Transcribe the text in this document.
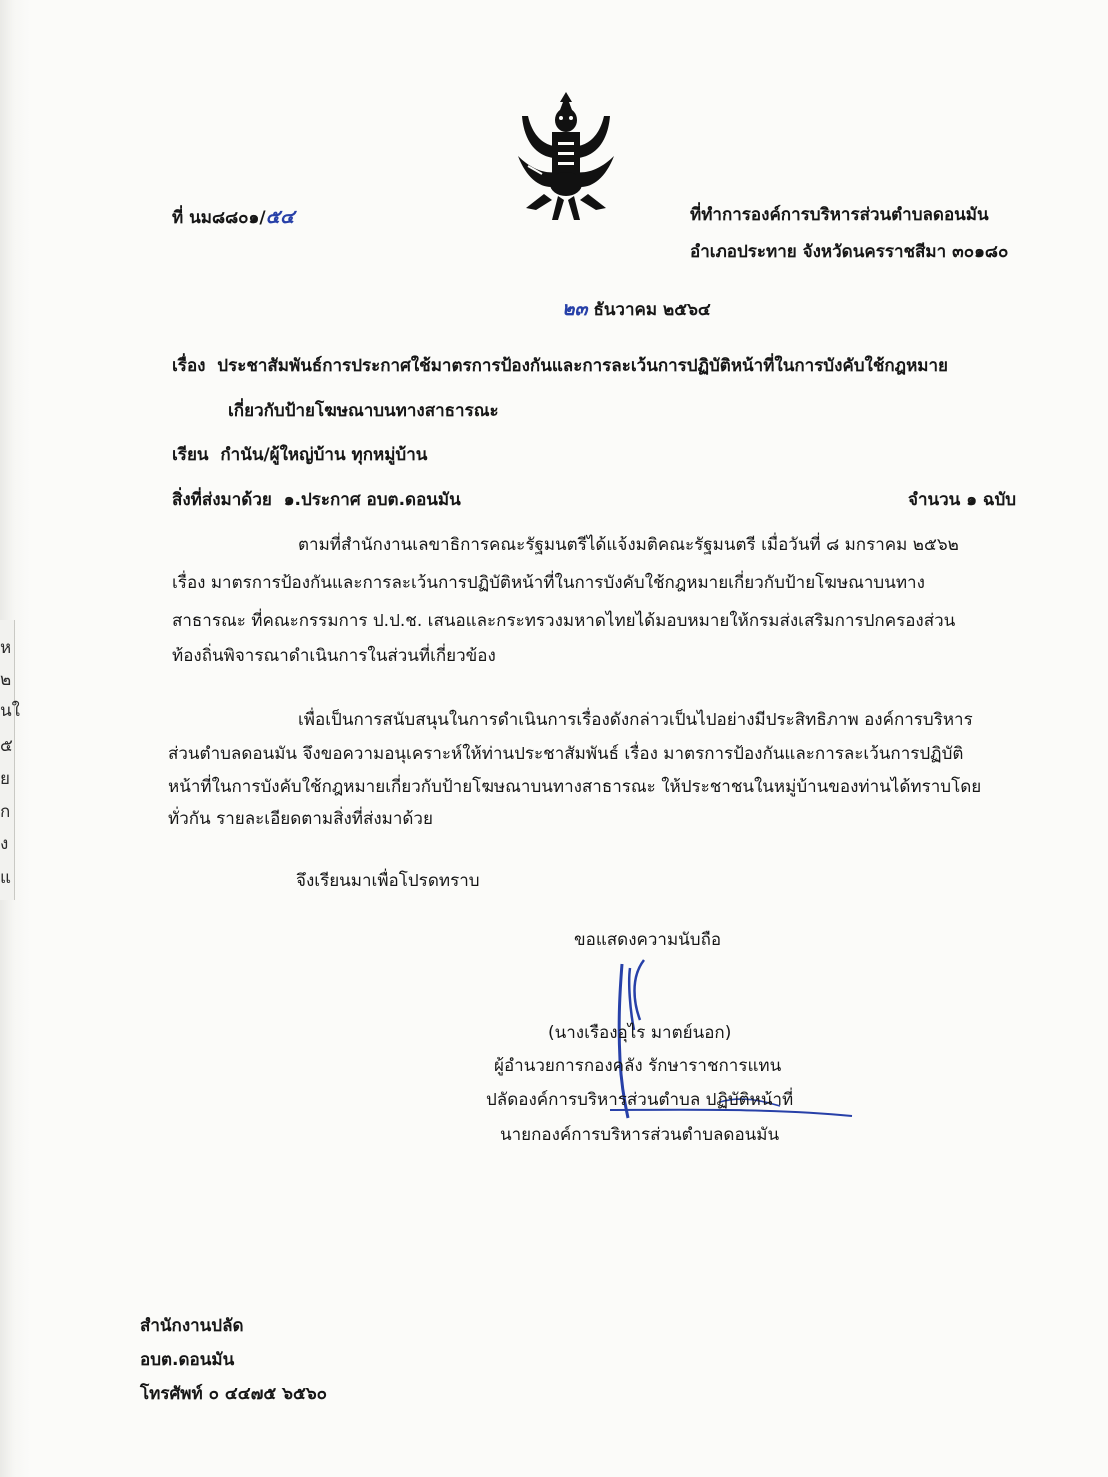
ห
๒
นใ
๕
ย
ก
ง
แ
ที่ นม๘๘๐๑/๕๔	ที่ทำการองค์การบริหารส่วนตำบลดอนมัน
อำเภอประทาย จังหวัดนครราชสีมา ๓๐๑๘๐
๒๓ ธันวาคม ๒๕๖๔
เรื่อง ประชาสัมพันธ์การประกาศใช้มาตรการป้องกันและการละเว้นการปฏิบัติหน้าที่ในการบังคับใช้กฎหมาย
เกี่ยวกับป้ายโฆษณาบนทางสาธารณะ
เรียน กำนัน/ผู้ใหญ่บ้าน ทุกหมู่บ้าน
สิ่งที่ส่งมาด้วย ๑.ประกาศ อบต.ดอนมัน	จำนวน ๑ ฉบับ
ตามที่สำนักงานเลขาธิการคณะรัฐมนตรีได้แจ้งมติคณะรัฐมนตรี เมื่อวันที่ ๘ มกราคม ๒๕๖๒
เรื่อง มาตรการป้องกันและการละเว้นการปฏิบัติหน้าที่ในการบังคับใช้กฎหมายเกี่ยวกับป้ายโฆษณาบนทาง
สาธารณะ ที่คณะกรรมการ ป.ป.ช. เสนอและกระทรวงมหาดไทยได้มอบหมายให้กรมส่งเสริมการปกครองส่วน
ท้องถิ่นพิจารณาดำเนินการในส่วนที่เกี่ยวข้อง
เพื่อเป็นการสนับสนุนในการดำเนินการเรื่องดังกล่าวเป็นไปอย่างมีประสิทธิภาพ องค์การบริหาร
ส่วนตำบลดอนมัน จึงขอความอนุเคราะห์ให้ท่านประชาสัมพันธ์ เรื่อง มาตรการป้องกันและการละเว้นการปฏิบัติ
หน้าที่ในการบังคับใช้กฎหมายเกี่ยวกับป้ายโฆษณาบนทางสาธารณะ ให้ประชาชนในหมู่บ้านของท่านได้ทราบโดย
ทั่วกัน รายละเอียดตามสิ่งที่ส่งมาด้วย
จึงเรียนมาเพื่อโปรดทราบ
ขอแสดงความนับถือ
(นางเรืองอุไร มาตย์นอก)
ผู้อำนวยการกองคลัง รักษาราชการแทน
ปลัดองค์การบริหารส่วนตำบล ปฏิบัติหน้าที่
นายกองค์การบริหารส่วนตำบลดอนมัน
สำนักงานปลัด
อบต.ดอนมัน
โทรศัพท์ ๐ ๔๔๗๕ ๖๕๖๐
